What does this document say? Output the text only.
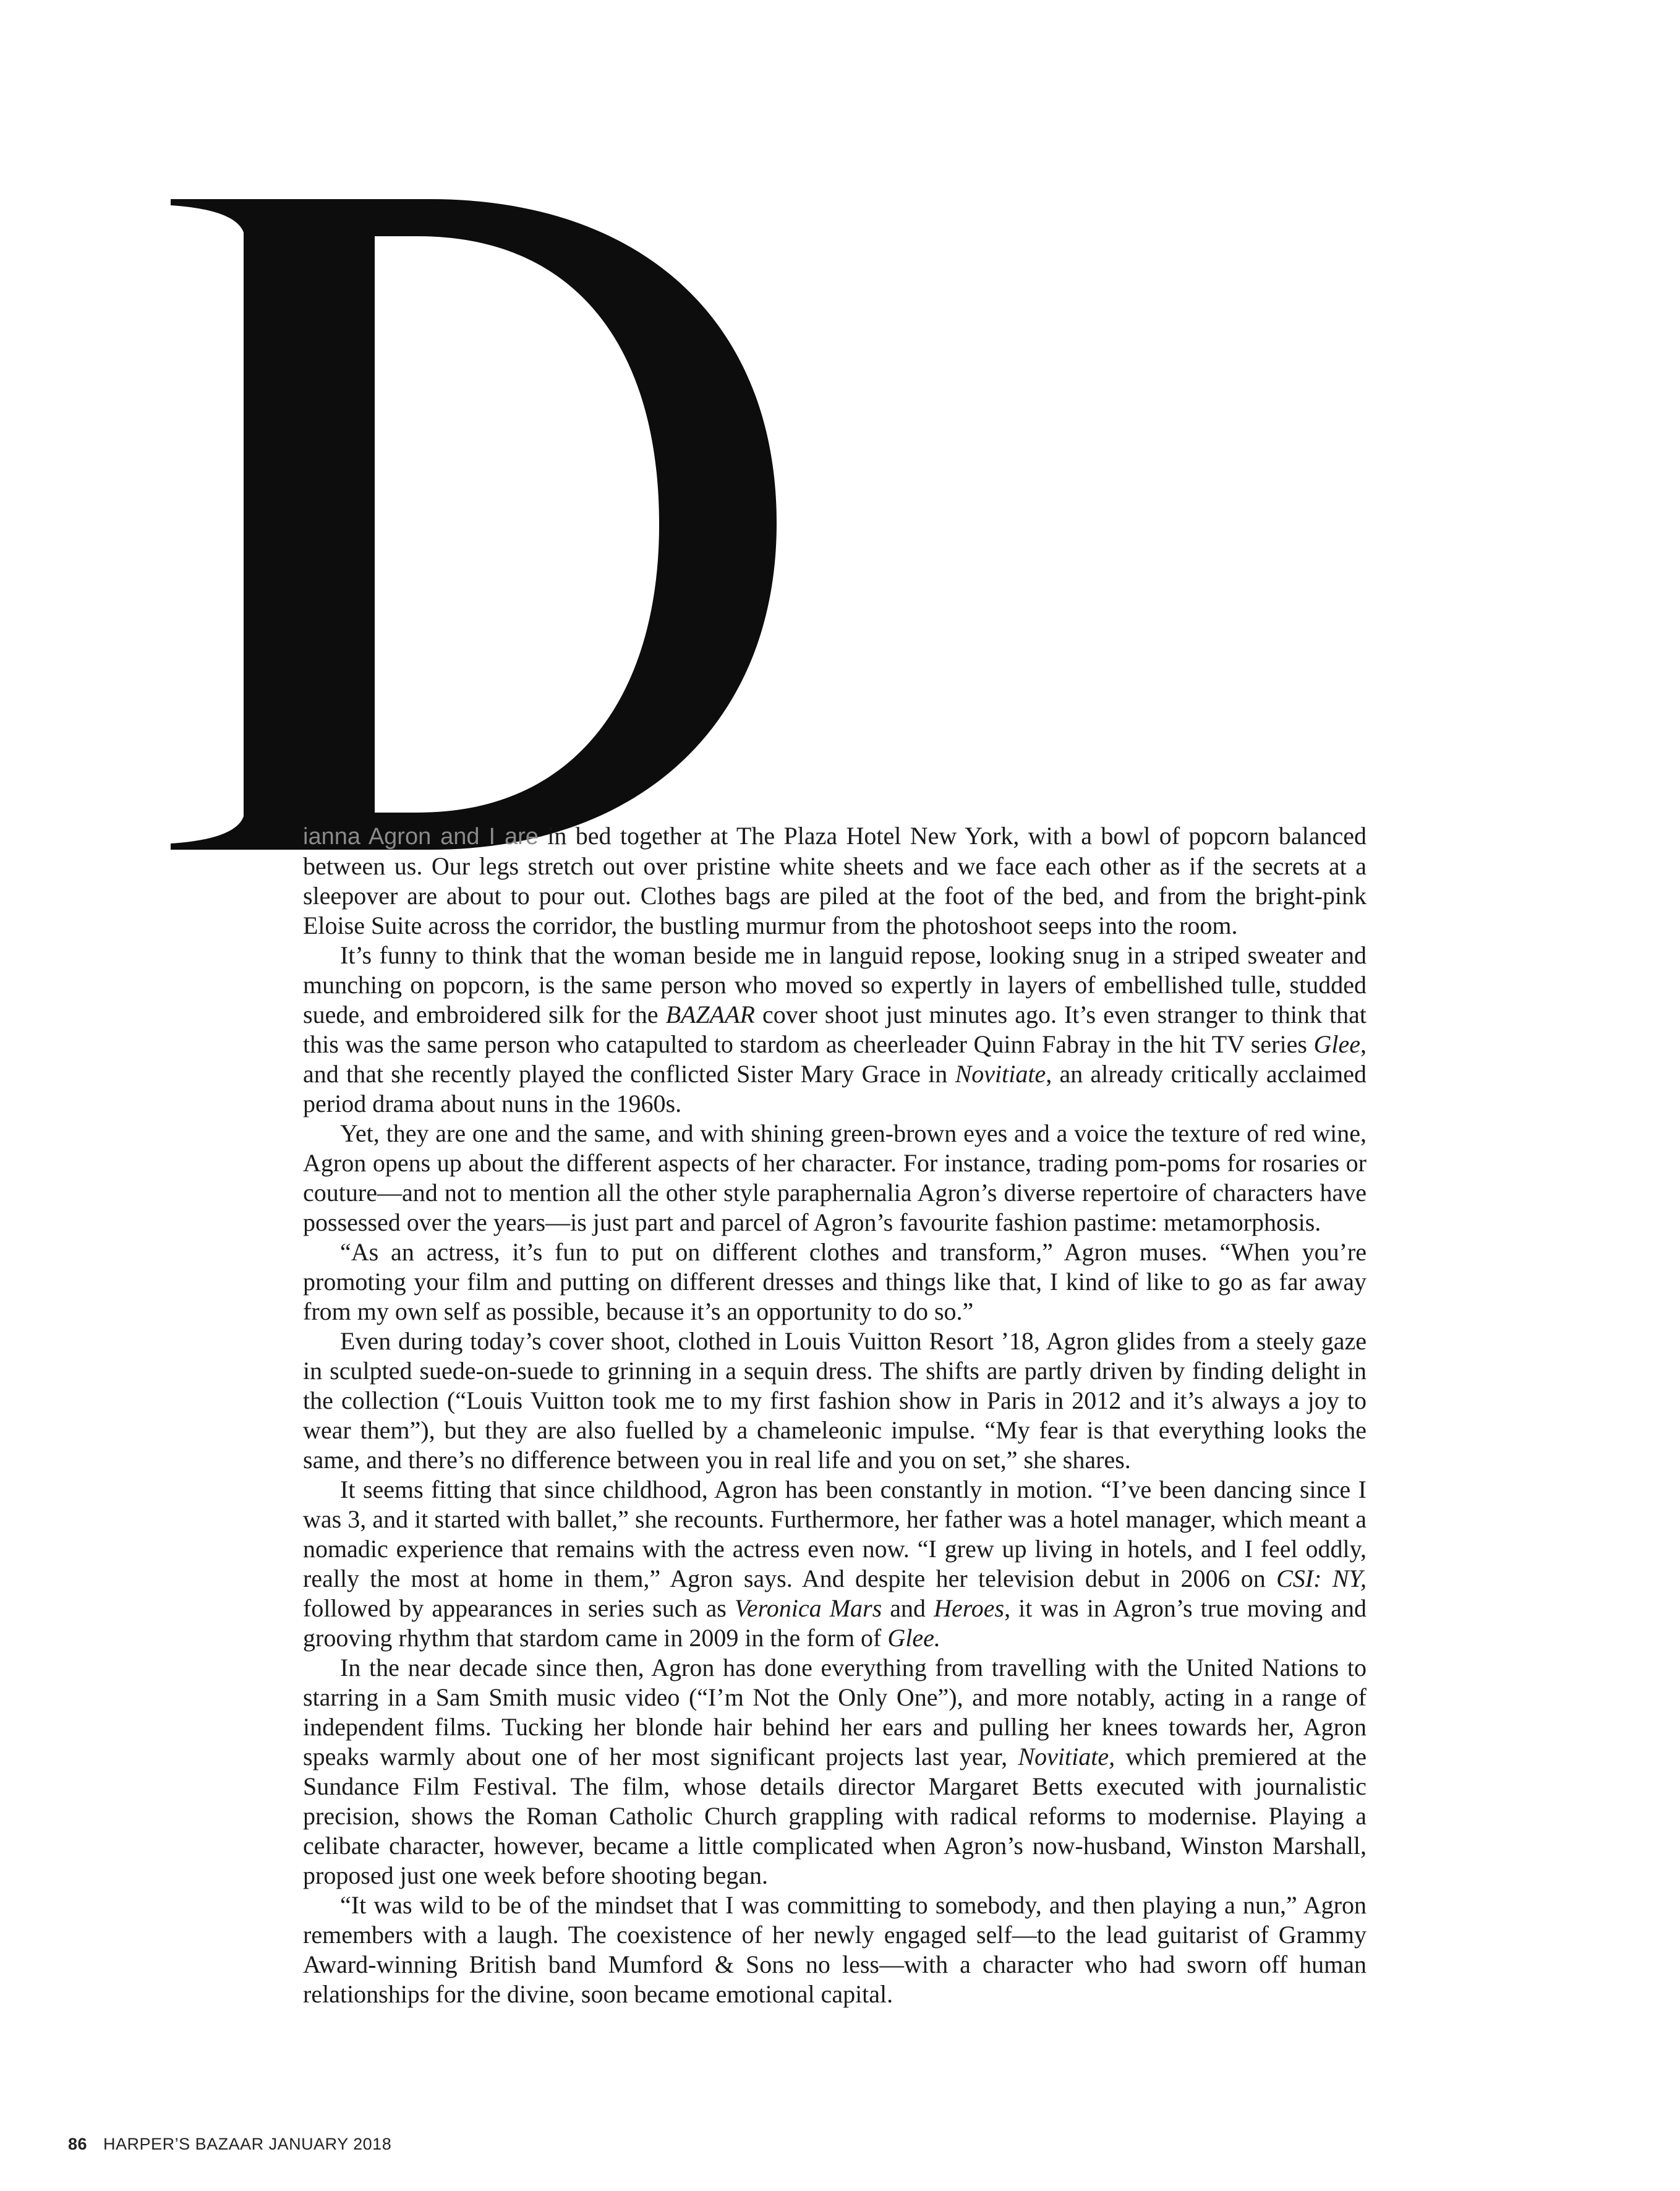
ianna Agron and I are in bed together at The Plaza Hotel New York, with a bowl of popcorn balanced between us. Our legs stretch out over pristine white sheets and we face each other as if the secrets at a sleepover are about to pour out. Clothes bags are piled at the foot of the bed, and from the bright-pink Eloise Suite across the corridor, the bustling murmur from the photoshoot seeps into the room.

It’s funny to think that the woman beside me in languid repose, looking snug in a striped sweater and munching on popcorn, is the same person who moved so expertly in layers of embellished tulle, studded suede, and embroidered silk for the BAZAAR cover shoot just minutes ago. It’s even stranger to think that this was the same person who catapulted to stardom as cheerleader Quinn Fabray in the hit TV series Glee, and that she recently played the conflicted Sister Mary Grace in Novitiate, an already critically acclaimed period drama about nuns in the 1960s.

Yet, they are one and the same, and with shining green-brown eyes and a voice the texture of red wine, Agron opens up about the different aspects of her character. For instance, trading pom-poms for rosaries or couture—and not to mention all the other style paraphernalia Agron’s diverse repertoire of characters have possessed over the years—is just part and parcel of Agron’s favourite fashion pastime: metamorphosis.

“As an actress, it’s fun to put on different clothes and transform,” Agron muses. “When you’re promoting your film and putting on different dresses and things like that, I kind of like to go as far away from my own self as possible, because it’s an opportunity to do so.”

Even during today’s cover shoot, clothed in Louis Vuitton Resort ’18, Agron glides from a steely gaze in sculpted suede-on-suede to grinning in a sequin dress. The shifts are partly driven by finding delight in the collection (“Louis Vuitton took me to my first fashion show in Paris in 2012 and it’s always a joy to wear them”), but they are also fuelled by a chameleonic impulse. “My fear is that everything looks the same, and there’s no difference between you in real life and you on set,” she shares.

It seems fitting that since childhood, Agron has been constantly in motion. “I’ve been dancing since I was 3, and it started with ballet,” she recounts. Furthermore, her father was a hotel manager, which meant a nomadic experience that remains with the actress even now. “I grew up living in hotels, and I feel oddly, really the most at home in them,” Agron says. And despite her television debut in 2006 on CSI: NY, followed by appearances in series such as Veronica Mars and Heroes, it was in Agron’s true moving and grooving rhythm that stardom came in 2009 in the form of Glee.

In the near decade since then, Agron has done everything from travelling with the United Nations to starring in a Sam Smith music video (“I’m Not the Only One”), and more notably, acting in a range of independent films. Tucking her blonde hair behind her ears and pulling her knees towards her, Agron speaks warmly about one of her most significant projects last year, Novitiate, which premiered at the Sundance Film Festival. The film, whose details director Margaret Betts executed with journalistic precision, shows the Roman Catholic Church grappling with radical reforms to modernise. Playing a celibate character, however, became a little complicated when Agron’s now-husband, Winston Marshall, proposed just one week before shooting began.

“It was wild to be of the mindset that I was committing to somebody, and then playing a nun,” Agron remembers with a laugh. The coexistence of her newly engaged self—to the lead guitarist of Grammy Award-winning British band Mumford & Sons no less—with a character who had sworn off human relationships for the divine, soon became emotional capital.

86 HARPER’S BAZAAR JANUARY 2018
